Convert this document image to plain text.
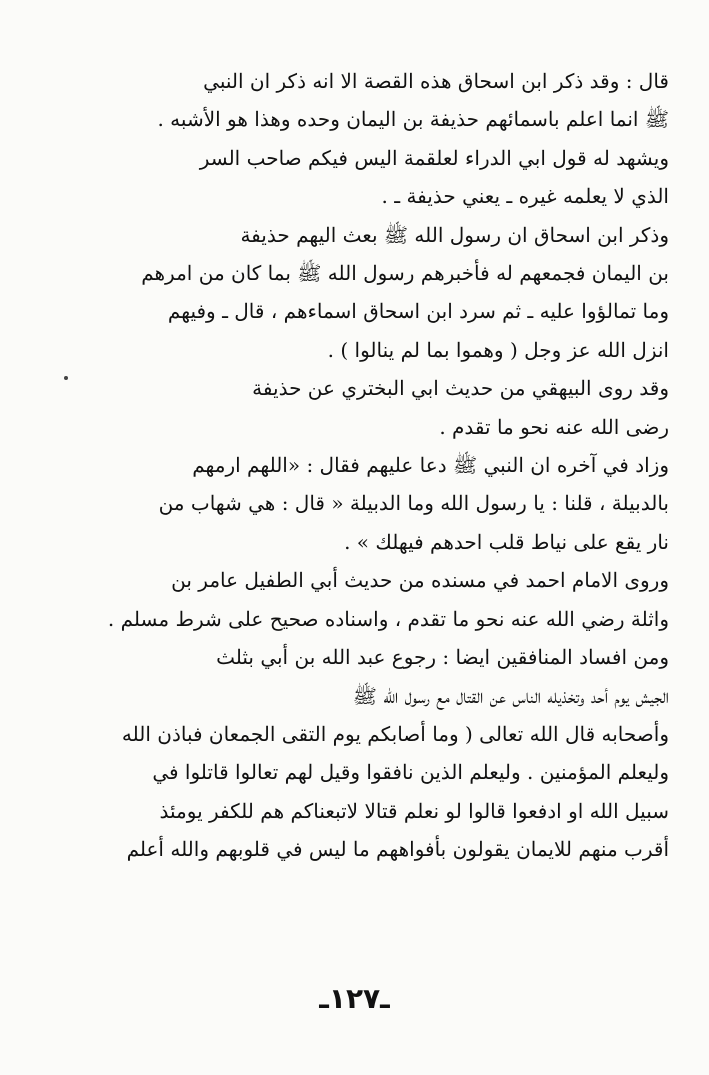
قال : وقد ذكر ابن اسحاق هذه القصة الا انه ذكر ان النبي
ﷺ انما اعلم باسمائهم حذيفة بن اليمان وحده وهذا هو الأشبه .
ويشهد له قول ابي الدراء لعلقمة اليس فيكم صاحب السر
الذي لا يعلمه غيره ـ يعني حذيفة ـ .

وذكر ابن اسحاق ان رسول الله ﷺ بعث اليهم حذيفة
بن اليمان فجمعهم له فأخبرهم رسول الله ﷺ بما كان من امرهم
وما تمالؤوا عليه ـ ثم سرد ابن اسحاق اسماءهم ، قال ـ وفيهم
انزل الله عز وجل ( وهموا بما لم ينالوا ) .

وقد روى البيهقي من حديث ابي البختري عن حذيفة
رضى الله عنه نحو ما تقدم .

وزاد في آخره ان النبي ﷺ دعا عليهم فقال : «اللهم ارمهم
بالدبيلة ، قلنا : يا رسول الله وما الدبيلة « قال : هي شهاب من
نار يقع على نياط قلب احدهم فيهلك » .

وروى الامام احمد في مسنده من حديث أبي الطفيل عامر بن
واثلة رضي الله عنه نحو ما تقدم ، واسناده صحيح على شرط مسلم .

ومن افساد المنافقين ايضا : رجوع عبد الله بن أبي بثلث
الجيش يوم أحد وتخذيله الناس عن القتال مع رسول الله ﷺ
وأصحابه قال الله تعالى ( وما أصابكم يوم التقى الجمعان فباذن الله
وليعلم المؤمنين . وليعلم الذين نافقوا وقيل لهم تعالوا قاتلوا في
سبيل الله او ادفعوا قالوا لو نعلم قتالا لاتبعناكم هم للكفر يومئذ
أقرب منهم للايمان يقولون بأفواههم ما ليس في قلوبهم والله أعلم

ـ١٢٧ـ
